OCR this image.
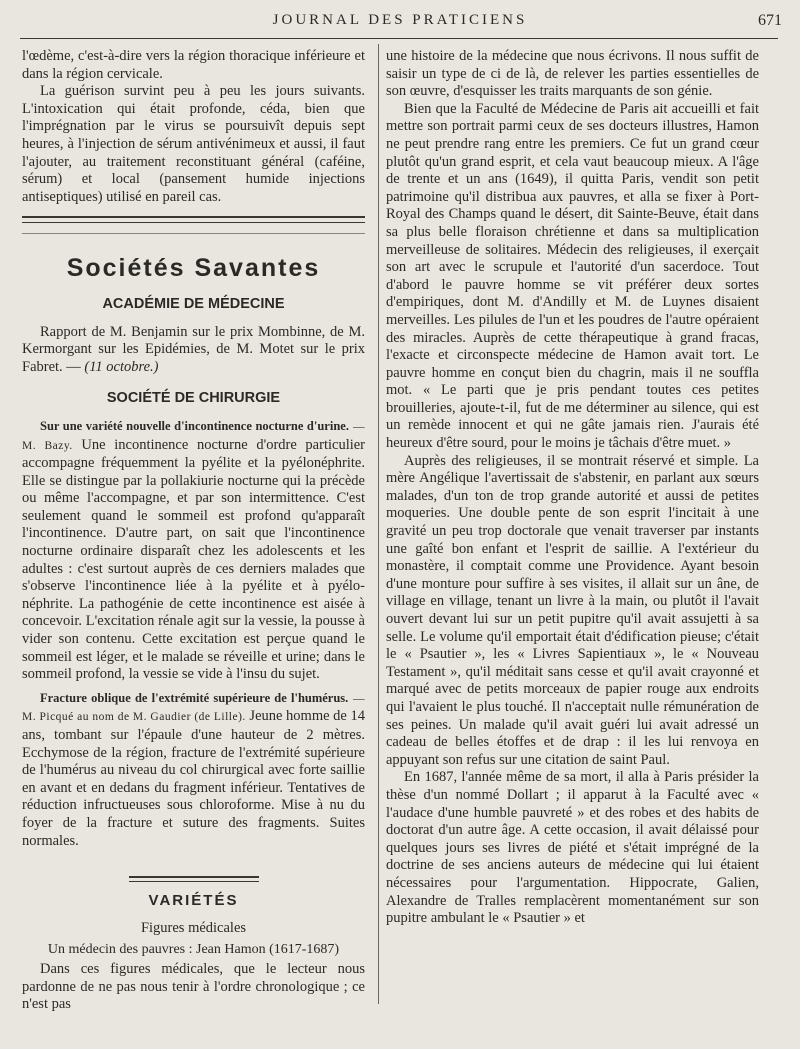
JOURNAL DES PRATICIENS	671

l'œdème, c'est-à-dire vers la région thoracique inférieure et dans la région cervicale.

La guérison survint peu à peu les jours suivants. L'intoxication qui était profonde, céda, bien que l'imprégnation par le virus se poursuivît depuis sept heures, à l'injection de sérum antivénimeux et aussi, il faut l'ajouter, au traitement reconstituant général (caféine, sérum) et local (pansement humide injections antiseptiques) utilisé en pareil cas.

Sociétés Savantes
ACADÉMIE DE MÉDECINE

Rapport de M. Benjamin sur le prix Mombinne, de M. Kermorgant sur les Epidémies, de M. Motet sur le prix Fabret. — (11 octobre.)

SOCIÉTÉ DE CHIRURGIE

Sur une variété nouvelle d'incontinence nocturne d'urine. — M. Bazy. Une incontinence nocturne d'ordre particulier accompagne fréquemment la pyélite et la pyélonéphrite. Elle se distingue par la pollakiurie nocturne qui la précède ou même l'accompagne, et par son intermittence. C'est seulement quand le sommeil est profond qu'apparaît l'incontinence. D'autre part, on sait que l'incontinence nocturne ordinaire disparaît chez les adolescents et les adultes : c'est surtout auprès de ces derniers malades que s'observe l'incontinence liée à la pyélite et à pyélo-néphrite. La pathogénie de cette incontinence est aisée à concevoir. L'excitation rénale agit sur la vessie, la pousse à vider son contenu. Cette excitation est perçue quand le sommeil est léger, et le malade se réveille et urine; dans le sommeil profond, la vessie se vide à l'insu du sujet.

Fracture oblique de l'extrémité supérieure de l'humérus. — M. Picqué au nom de M. Gaudier (de Lille). Jeune homme de 14 ans, tombant sur l'épaule d'une hauteur de 2 mètres. Ecchymose de la région, fracture de l'extrémité supérieure de l'humérus au niveau du col chirurgical avec forte saillie en avant et en dedans du fragment inférieur. Tentatives de réduction infructueuses sous chloroforme. Mise à nu du foyer de la fracture et suture des fragments. Suites normales.

VARIÉTÉS
Figures médicales
Un médecin des pauvres : Jean Hamon (1617-1687)

Dans ces figures médicales, que le lecteur nous pardonne de ne pas nous tenir à l'ordre chronologique ; ce n'est pas

une histoire de la médecine que nous écrivons. Il nous suffit de saisir un type de ci de là, de relever les parties essentielles de son œuvre, d'esquisser les traits marquants de son génie.

Bien que la Faculté de Médecine de Paris ait accueilli et fait mettre son portrait parmi ceux de ses docteurs illustres, Hamon ne peut prendre rang entre les premiers. Ce fut un grand cœur plutôt qu'un grand esprit, et cela vaut beaucoup mieux. A l'âge de trente et un ans (1649), il quitta Paris, vendit son petit patrimoine qu'il distribua aux pauvres, et alla se fixer à Port-Royal des Champs quand le désert, dit Sainte-Beuve, était dans sa plus belle floraison chrétienne et dans sa multiplication merveilleuse de solitaires. Médecin des religieuses, il exerçait son art avec le scrupule et l'autorité d'un sacerdoce. Tout d'abord le pauvre homme se vit préférer deux sortes d'empiriques, dont M. d'Andilly et M. de Luynes disaient merveilles. Les pilules de l'un et les poudres de l'autre opéraient des miracles. Auprès de cette thérapeutique à grand fracas, l'exacte et circonspecte médecine de Hamon avait tort. Le pauvre homme en conçut bien du chagrin, mais il ne souffla mot. « Le parti que je pris pendant toutes ces petites brouilleries, ajoute-t-il, fut de me déterminer au silence, qui est un remède innocent et qui ne gâte jamais rien. J'aurais été heureux d'être sourd, pour le moins je tâchais d'être muet. »

Auprès des religieuses, il se montrait réservé et simple. La mère Angélique l'avertissait de s'abstenir, en parlant aux sœurs malades, d'un ton de trop grande autorité et aussi de petites moqueries. Une double pente de son esprit l'incitait à une gravité un peu trop doctorale que venait traverser par instants une gaîté bon enfant et l'esprit de saillie. A l'extérieur du monastère, il comptait comme une Providence. Ayant besoin d'une monture pour suffire à ses visites, il allait sur un âne, de village en village, tenant un livre à la main, ou plutôt il l'avait ouvert devant lui sur un petit pupitre qu'il avait assujetti à sa selle. Le volume qu'il emportait était d'édification pieuse; c'était le « Psautier », les « Livres Sapientiaux », le « Nouveau Testament », qu'il méditait sans cesse et qu'il avait crayonné et marqué avec de petits morceaux de papier rouge aux endroits qui l'avaient le plus touché. Il n'acceptait nulle rémunération de ses peines. Un malade qu'il avait guéri lui avait adressé un cadeau de belles étoffes et de drap : il les lui renvoya en appuyant son refus sur une citation de saint Paul.

En 1687, l'année même de sa mort, il alla à Paris présider la thèse d'un nommé Dollart ; il apparut à la Faculté avec « l'audace d'une humble pauvreté » et des robes et des habits de doctorat d'un autre âge. A cette occasion, il avait délaissé pour quelques jours ses livres de piété et s'était imprégné de la doctrine de ses anciens auteurs de médecine qui lui étaient nécessaires pour l'argumentation. Hippocrate, Galien, Alexandre de Tralles remplacèrent momentanément sur son pupitre ambulant le « Psautier » et
